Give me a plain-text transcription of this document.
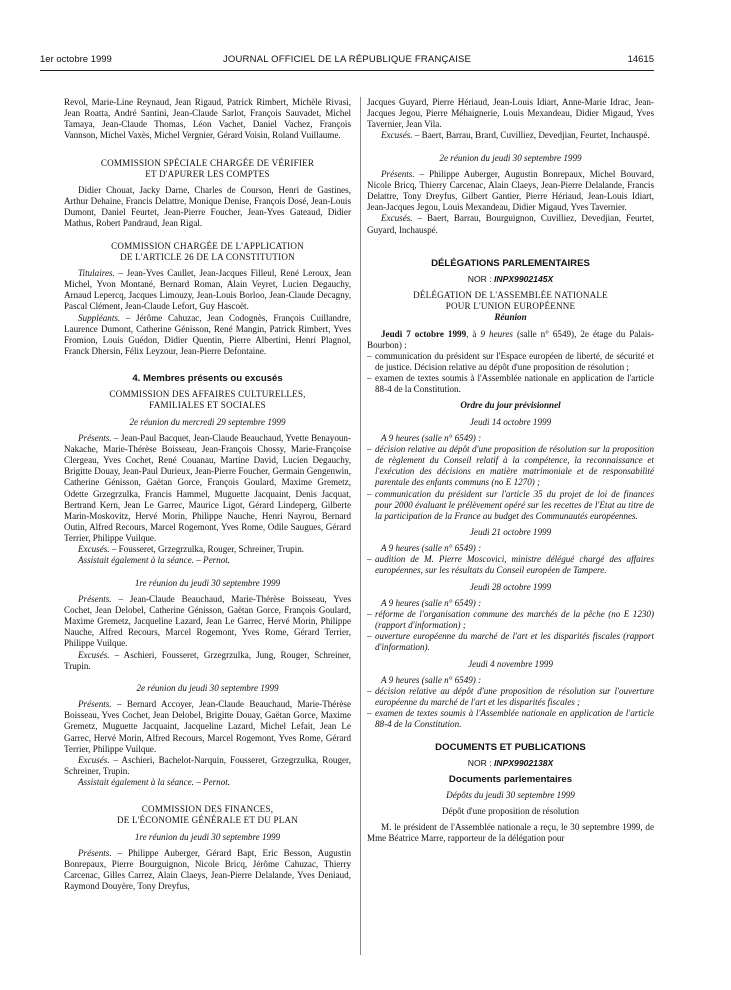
1er octobre 1999	JOURNAL OFFICIEL DE LA RÉPUBLIQUE FRANÇAISE	14615

Revol, Marie-Line Reynaud, Jean Rigaud, Patrick Rimbert, Michèle Rivasi, Jean Roatta, André Santini, Jean-Claude Sarlot, François Sauvadet, Michel Tamaya, Jean-Claude Thomas, Léon Vachet, Daniel Vachez, François Vannson, Michel Vaxès, Michel Vergnier, Gérard Voisin, Roland Vuillaume.

COMMISSION SPÉCIALE CHARGÉE DE VÉRIFIER

ET D'APURER LES COMPTES

Didier Chouat, Jacky Darne, Charles de Courson, Henri de Gastines, Arthur Dehaine, Francis Delattre, Monique Denise, François Dosé, Jean-Louis Dumont, Daniel Feurtet, Jean-Pierre Foucher, Jean-Yves Gateaud, Didier Mathus, Robert Pandraud, Jean Rigal.

COMMISSION CHARGÉE DE L'APPLICATION

DE L'ARTICLE 26 DE LA CONSTITUTION

Titulaires. – Jean-Yves Caullet, Jean-Jacques Filleul, René Leroux, Jean Michel, Yvon Montané, Bernard Roman, Alain Veyret, Lucien Degauchy, Arnaud Lepercq, Jacques Limouzy, Jean-Louis Borloo, Jean-Claude Decagny, Pascal Clément, Jean-Claude Lefort, Guy Hascoët.

Suppléants. – Jérôme Cahuzac, Jean Codognès, François Cuillandre, Laurence Dumont, Catherine Génisson, René Mangin, Patrick Rimbert, Yves Fromion, Louis Guédon, Didier Quentin, Pierre Albertini, Henri Plagnol, Franck Dhersin, Félix Leyzour, Jean-Pierre Defontaine.

4. Membres présents ou excusés

COMMISSION DES AFFAIRES CULTURELLES,

FAMILIALES ET SOCIALES

2e réunion du mercredi 29 septembre 1999

Présents. – Jean-Paul Bacquet, Jean-Claude Beauchaud, Yvette Benayoun-Nakache, Marie-Thérèse Boisseau, Jean-François Chossy, Marie-Françoise Clergeau, Yves Cochet, René Couanau, Martine David, Lucien Degauchy, Brigitte Douay, Jean-Paul Durieux, Jean-Pierre Foucher, Germain Gengenwin, Catherine Génisson, Gaëtan Gorce, François Goulard, Maxime Gremetz, Odette Grzegrzulka, Francis Hammel, Muguette Jacquaint, Denis Jacquat, Bertrand Kern, Jean Le Garrec, Maurice Ligot, Gérard Lindeperg, Gilberte Marin-Moskovitz, Hervé Morin, Philippe Nauche, Henri Nayrou, Bernard Outin, Alfred Recours, Marcel Rogemont, Yves Rome, Odile Saugues, Gérard Terrier, Philippe Vuilque.

Excusés. – Fousseret, Grzegrzulka, Rouger, Schreiner, Trupin.

Assistait également à la séance. – Pernot.

1re réunion du jeudi 30 septembre 1999

Présents. – Jean-Claude Beauchaud, Marie-Thérèse Boisseau, Yves Cochet, Jean Delobel, Catherine Génisson, Gaëtan Gorce, François Goulard, Maxime Gremetz, Jacqueline Lazard, Jean Le Garrec, Hervé Morin, Philippe Nauche, Alfred Recours, Marcel Rogemont, Yves Rome, Gérard Terrier, Philippe Vuilque.

Excusés. – Aschieri, Fousseret, Grzegrzulka, Jung, Rouger, Schreiner, Trupin.

2e réunion du jeudi 30 septembre 1999

Présents. – Bernard Accoyer, Jean-Claude Beauchaud, Marie-Thérèse Boisseau, Yves Cochet, Jean Delobel, Brigitte Douay, Gaëtan Gorce, Maxime Gremetz, Muguette Jacquaint, Jacqueline Lazard, Michel Lefait, Jean Le Garrec, Hervé Morin, Alfred Recours, Marcel Rogemont, Yves Rome, Gérard Terrier, Philippe Vuilque.

Excusés. – Aschieri, Bachelot-Narquin, Fousseret, Grzegrzulka, Rouger, Schreiner, Trupin.

Assistait également à la séance. – Pernot.

COMMISSION DES FINANCES,

DE L'ÉCONOMIE GÉNÉRALE ET DU PLAN

1re réunion du jeudi 30 septembre 1999

Présents. – Philippe Auberger, Gérard Bapt, Eric Besson, Augustin Bonrepaux, Pierre Bourguignon, Nicole Bricq, Jérôme Cahuzac, Thierry Carcenac, Gilles Carrez, Alain Claeys, Jean-Pierre Delalande, Yves Deniaud, Raymond Douyère, Tony Dreyfus,

Jacques Guyard, Pierre Hériaud, Jean-Louis Idiart, Anne-Marie Idrac, Jean-Jacques Jegou, Pierre Méhaignerie, Louis Mexandeau, Didier Migaud, Yves Tavernier, Jean Vila.

Excusés. – Baert, Barrau, Brard, Cuvilliez, Devedjian, Feurtet, Inchauspé.

2e réunion du jeudi 30 septembre 1999

Présents. – Philippe Auberger, Augustin Bonrepaux, Michel Bouvard, Nicole Bricq, Thierry Carcenac, Alain Claeys, Jean-Pierre Delalande, Francis Delattre, Tony Dreyfus, Gilbert Gantier, Pierre Hériaud, Jean-Louis Idiart, Jean-Jacques Jegou, Louis Mexandeau, Didier Migaud, Yves Tavernier.

Excusés. – Baert, Barrau, Bourguignon, Cuvilliez, Devedjian, Feurtet, Guyard, Inchauspé.

DÉLÉGATIONS PARLEMENTAIRES

NOR : INPX9902145X

DÉLÉGATION DE L'ASSEMBLÉE NATIONALE

POUR L'UNION EUROPÉENNE

Réunion

Jeudi 7 octobre 1999, à 9 heures (salle n° 6549), 2e étage du Palais-Bourbon) :

– communication du président sur l'Espace européen de liberté, de sécurité et de justice. Décision relative au dépôt d'une proposition de résolution ;
– examen de textes soumis à l'Assemblée nationale en application de l'article 88-4 de la Constitution.

Ordre du jour prévisionnel

Jeudi 14 octobre 1999

A 9 heures (salle n° 6549) :

– décision relative au dépôt d'une proposition de résolution sur la proposition de règlement du Conseil relatif à la compétence, la reconnaissance et l'exécution des décisions en matière matrimoniale et de responsabilité parentale des enfants communs (no E 1270) ;
– communication du président sur l'article 35 du projet de loi de finances pour 2000 évaluant le prélèvement opéré sur les recettes de l'Etat au titre de la participation de la France au budget des Communautés européennes.

Jeudi 21 octobre 1999

A 9 heures (salle n° 6549) :

– audition de M. Pierre Moscovici, ministre délégué chargé des affaires européennes, sur les résultats du Conseil européen de Tampere.

Jeudi 28 octobre 1999

A 9 heures (salle n° 6549) :

– réforme de l'organisation commune des marchés de la pêche (no E 1230) (rapport d'information) ;
– ouverture européenne du marché de l'art et les disparités fiscales (rapport d'information).

Jeudi 4 novembre 1999

A 9 heures (salle n° 6549) :

– décision relative au dépôt d'une proposition de résolution sur l'ouverture européenne du marché de l'art et les disparités fiscales ;
– examen de textes soumis à l'Assemblée nationale en application de l'article 88-4 de la Constitution.

DOCUMENTS ET PUBLICATIONS

NOR : INPX9902138X

Documents parlementaires

Dépôts du jeudi 30 septembre 1999

Dépôt d'une proposition de résolution

M. le président de l'Assemblée nationale a reçu, le 30 septembre 1999, de Mme Béatrice Marre, rapporteur de la délégation pour
